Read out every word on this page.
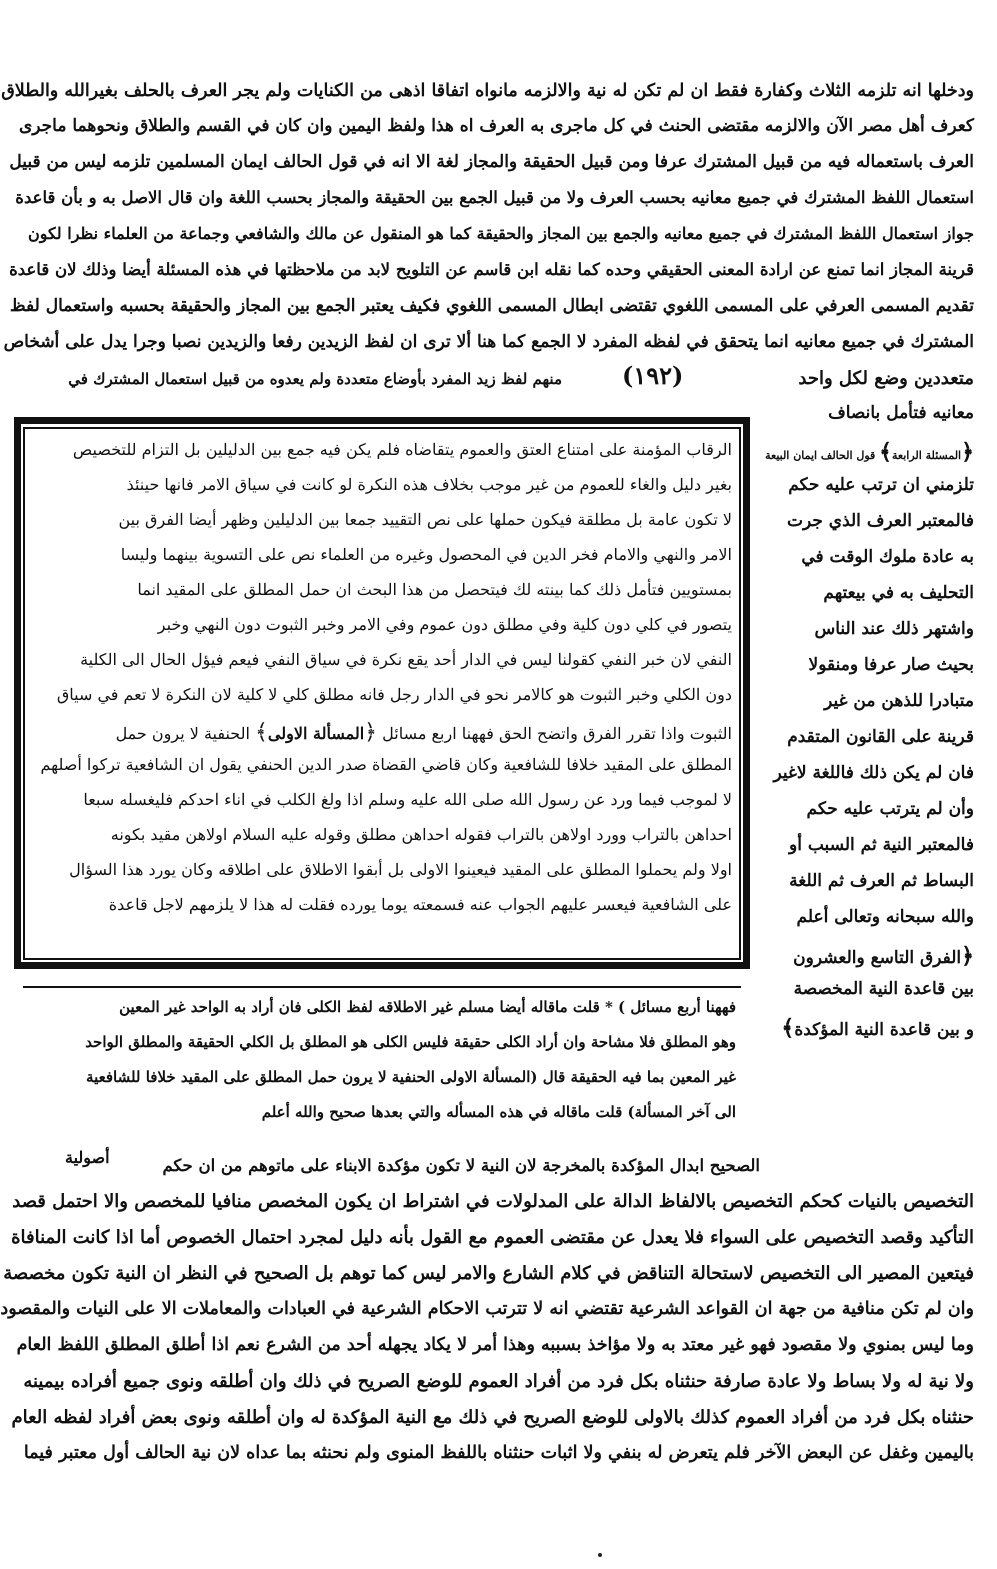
ودخلها انه تلزمه الثلاث وكفارة فقط ان لم تكن له نية والالزمه مانواه اتفاقا اذهى من الكنايات ولم يجر العرف بالحلف بغيرالله والطلاق

كعرف أهل مصر الآن والالزمه مقتضى الحنث في كل ماجرى به العرف اه هذا ولفظ اليمين وان كان في القسم والطلاق ونحوهما ماجرى

العرف باستعماله فيه من قبيل المشترك عرفا ومن قبيل الحقيقة والمجاز لغة الا انه في قول الحالف ايمان المسلمين تلزمه ليس من قبيل

استعمال اللفظ المشترك في جميع معانيه بحسب العرف ولا من قبيل الجمع بين الحقيقة والمجاز بحسب اللغة وان قال الاصل به و بأن قاعدة

جواز استعمال اللفظ المشترك في جميع معانيه والجمع بين المجاز والحقيقة كما هو المنقول عن مالك والشافعي وجماعة من العلماء نظرا لكون

قرينة المجاز انما تمنع عن ارادة المعنى الحقيقي وحده كما نقله ابن قاسم عن التلويح لابد من ملاحظتها في هذه المسئلة أيضا وذلك لان قاعدة

تقديم المسمى العرفي على المسمى اللغوي تقتضى ابطال المسمى اللغوي فكيف يعتبر الجمع بين المجاز والحقيقة بحسبه واستعمال لفظ

المشترك في جميع معانيه انما يتحقق في لفظه المفرد لا الجمع كما هنا ألا ترى ان لفظ الزيدين رفعا والزيدين نصبا وجرا يدل على أشخاص

متعددين وضع لكل واحد

منهم لفظ زيد المفرد بأوضاع متعددة ولم يعدوه من قبيل استعمال المشترك في	(١٩٢)

معانيه فتأمل بانصاف

﴿المسئلة الرابعة﴾ قول الحالف ايمان البيعة

تلزمني ان ترتب عليه حكم

فالمعتبر العرف الذي جرت

به عادة ملوك الوقت في

التحليف به في بيعتهم

واشتهر ذلك عند الناس

بحيث صار عرفا ومنقولا

متبادرا للذهن من غير

قرينة على القانون المتقدم

فان لم يكن ذلك فاللغة لاغير

وأن لم يترتب عليه حكم

فالمعتبر النية ثم السبب أو

البساط ثم العرف ثم اللغة

والله سبحانه وتعالى أعلم

﴿الفرق التاسع والعشرون

بين قاعدة النية المخصصة

و بين قاعدة النية المؤكدة﴾

الرقاب المؤمنة على امتناع العتق والعموم يتقاضاه فلم يكن فيه جمع بين الدليلين بل التزام للتخصيص

بغير دليل والغاء للعموم من غير موجب بخلاف هذه النكرة لو كانت في سياق الامر فانها حينئذ

لا تكون عامة بل مطلقة فيكون حملها على نص التقييد جمعا بين الدليلين وظهر أيضا الفرق بين

الامر والنهي والامام فخر الدين في المحصول وغيره من العلماء نص على التسوية بينهما وليسا

بمستويين فتأمل ذلك كما بينته لك فيتحصل من هذا البحث ان حمل المطلق على المقيد انما

يتصور في كلي دون كلية وفي مطلق دون عموم وفي الامر وخبر الثبوت دون النهي وخبر

النفي لان خبر النفي كقولنا ليس في الدار أحد يقع نكرة في سياق النفي فيعم فيؤل الحال الى الكلية

دون الكلي وخبر الثبوت هو كالامر نحو في الدار رجل فانه مطلق كلي لا كلية لان النكرة لا تعم في سياق

الثبوت واذا تقرر الفرق واتضح الحق فههنا اربع مسائل ﴿المسألة الاولى﴾ الحنفية لا يرون حمل

المطلق على المقيد خلافا للشافعية وكان قاضي القضاة صدر الدين الحنفي يقول ان الشافعية تركوا أصلهم

لا لموجب فيما ورد عن رسول الله صلى الله عليه وسلم اذا ولغ الكلب في اناء احدكم فليغسله سبعا

احداهن بالتراب وورد اولاهن بالتراب فقوله احداهن مطلق وقوله عليه السلام اولاهن مقيد بكونه

اولا ولم يحملوا المطلق على المقيد فيعينوا الاولى بل أبقوا الاطلاق على اطلاقه وكان يورد هذا السؤال

على الشافعية فيعسر عليهم الجواب عنه فسمعته يوما يورده فقلت له هذا لا يلزمهم لاجل قاعدة

فههنا أربع مسائل ) * قلت ماقاله أيضا مسلم غير الاطلاقه لفظ الكلى فان أراد به الواحد غير المعين

وهو المطلق فلا مشاحة وان أراد الكلى حقيقة فليس الكلى هو المطلق بل الكلي الحقيقة والمطلق الواحد

غير المعين بما فيه الحقيقة قال (المسألة الاولى الحنفية لا يرون حمل المطلق على المقيد خلافا للشافعية

الى آخر المسألة) قلت ماقاله في هذه المسأله والتي بعدها صحيح والله أعلم

أصولية	الصحيح ابدال المؤكدة بالمخرجة لان النية لا تكون مؤكدة الابناء على ماتوهم من ان حكم

التخصيص بالنيات كحكم التخصيص بالالفاظ الدالة على المدلولات في اشتراط ان يكون المخصص منافيا للمخصص والا احتمل قصد

التأكيد وقصد التخصيص على السواء فلا يعدل عن مقتضى العموم مع القول بأنه دليل لمجرد احتمال الخصوص أما اذا كانت المنافاة

فيتعين المصير الى التخصيص لاستحالة التناقض في كلام الشارع والامر ليس كما توهم بل الصحيح في النظر ان النية تكون مخصصة

وان لم تكن منافية من جهة ان القواعد الشرعية تقتضي انه لا تترتب الاحكام الشرعية في العبادات والمعاملات الا على النيات والمقصود

وما ليس بمنوي ولا مقصود فهو غير معتد به ولا مؤاخذ بسببه وهذا أمر لا يكاد يجهله أحد من الشرع نعم اذا أطلق المطلق اللفظ العام

ولا نية له ولا بساط ولا عادة صارفة حنثناه بكل فرد من أفراد العموم للوضع الصريح في ذلك وان أطلقه ونوى جميع أفراده بيمينه

حنثناه بكل فرد من أفراد العموم كذلك بالاولى للوضع الصريح في ذلك مع النية المؤكدة له وان أطلقه ونوى بعض أفراد لفظه العام

باليمين وغفل عن البعض الآخر فلم يتعرض له بنفي ولا اثبات حنثناه باللفظ المنوى ولم نحنثه بما عداه لان نية الحالف أول معتبر فيما
